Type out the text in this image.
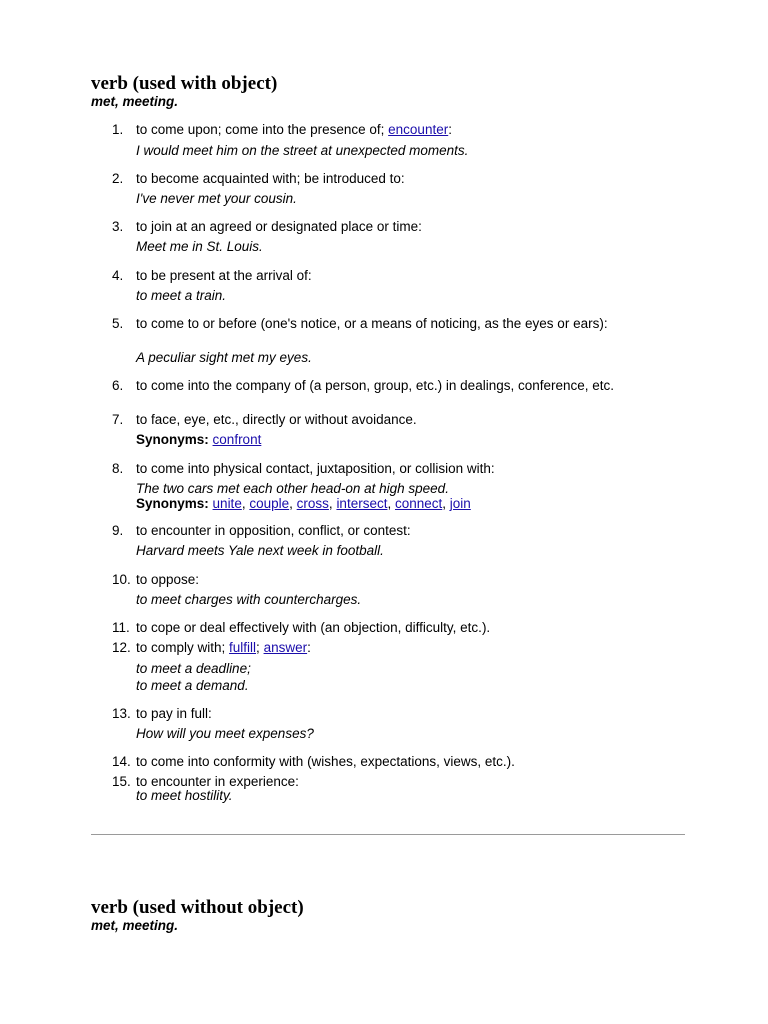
verb (used with object)

met, meeting.

1. to come upon; come into the presence of; encounter:

I would meet him on the street at unexpected moments.

2. to become acquainted with; be introduced to:

I've never met your cousin.

3. to join at an agreed or designated place or time:

Meet me in St. Louis.

4. to be present at the arrival of:

to meet a train.

5. to come to or before (one's notice, or a means of noticing, as the eyes or ears):

A peculiar sight met my eyes.

6. to come into the company of (a person, group, etc.) in dealings, conference, etc.

7. to face, eye, etc., directly or without avoidance.

Synonyms: confront

8. to come into physical contact, juxtaposition, or collision with:

The two cars met each other head-on at high speed.

Synonyms: unite, couple, cross, intersect, connect, join

9. to encounter in opposition, conflict, or contest:

Harvard meets Yale next week in football.

10. to oppose:

to meet charges with countercharges.

11. to cope or deal effectively with (an objection, difficulty, etc.).

12. to comply with; fulfill; answer:

to meet a deadline;

to meet a demand.

13. to pay in full:

How will you meet expenses?

14. to come into conformity with (wishes, expectations, views, etc.).

15. to encounter in experience:

to meet hostility.

verb (used without object)

met, meeting.
